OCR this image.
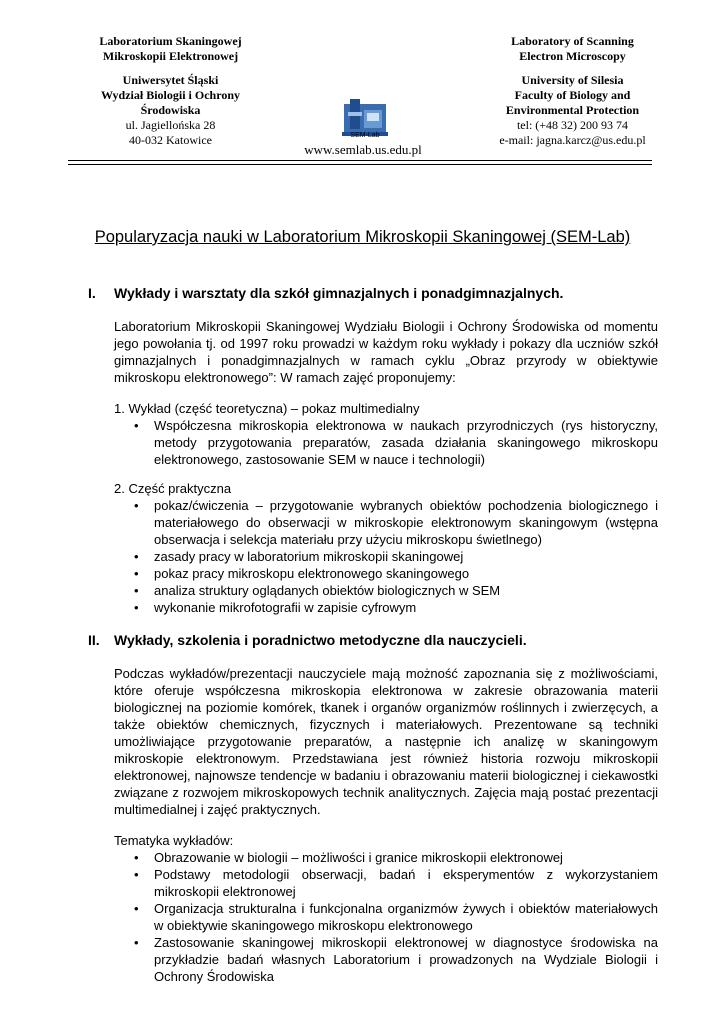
Laboratorium Skaningowej
Mikroskopii Elektronowej
Uniwersytet Śląski
Wydział Biologii i Ochrony
Środowiska
ul. Jagiellońska 28
40-032 Katowice
Laboratory of Scanning
Electron Microscopy
University of Silesia
Faculty of Biology and
Environmental Protection
tel: (+48 32) 200 93 74
e-mail: jagna.karcz@us.edu.pl
SEM-Lab
www.semlab.us.edu.pl
Popularyzacja nauki w Laboratorium Mikroskopii Skaningowej (SEM-Lab)

I. Wykłady i warsztaty dla szkół gimnazjalnych i ponadgimnazjalnych.

Laboratorium Mikroskopii Skaningowej Wydziału Biologii i Ochrony Środowiska od momentu jego powołania tj. od 1997 roku prowadzi w każdym roku wykłady i pokazy dla uczniów szkół gimnazjalnych i ponadgimnazjalnych w ramach cyklu „Obraz przyrody w obiektywie mikroskopu elektronowego”: W ramach zajęć proponujemy:

1. Wykład (część teoretyczna) – pokaz multimedialny

• Współczesna mikroskopia elektronowa w naukach przyrodniczych (rys historyczny, metody przygotowania preparatów, zasada działania skaningowego mikroskopu elektronowego, zastosowanie SEM w nauce i technologii)

2. Część praktyczna

• pokaz/ćwiczenia – przygotowanie wybranych obiektów pochodzenia biologicznego i materiałowego do obserwacji w mikroskopie elektronowym skaningowym (wstępna obserwacja i selekcja materiału przy użyciu mikroskopu świetlnego)
• zasady pracy w laboratorium mikroskopii skaningowej
• pokaz pracy mikroskopu elektronowego skaningowego
• analiza struktury oglądanych obiektów biologicznych w SEM
• wykonanie mikrofotografii w zapisie cyfrowym

II. Wykłady, szkolenia i poradnictwo metodyczne dla nauczycieli.

Podczas wykładów/prezentacji nauczyciele mają możność zapoznania się z możliwościami, które oferuje współczesna mikroskopia elektronowa w zakresie obrazowania materii biologicznej na poziomie komórek, tkanek i organów organizmów roślinnych i zwierzęcych, a także obiektów chemicznych, fizycznych i materiałowych. Prezentowane są techniki umożliwiające przygotowanie preparatów, a następnie ich analizę w skaningowym mikroskopie elektronowym. Przedstawiana jest również historia rozwoju mikroskopii elektronowej, najnowsze tendencje w badaniu i obrazowaniu materii biologicznej i ciekawostki związane z rozwojem mikroskopowych technik analitycznych. Zajęcia mają postać prezentacji multimedialnej i zajęć praktycznych.

Tematyka wykładów:

• Obrazowanie w biologii – możliwości i granice mikroskopii elektronowej
• Podstawy metodologii obserwacji, badań i eksperymentów z wykorzystaniem mikroskopii elektronowej
• Organizacja strukturalna i funkcjonalna organizmów żywych i obiektów materiałowych w obiektywie skaningowego mikroskopu elektronowego
• Zastosowanie skaningowej mikroskopii elektronowej w diagnostyce środowiska na przykładzie badań własnych Laboratorium i prowadzonych na Wydziale Biologii i Ochrony Środowiska
